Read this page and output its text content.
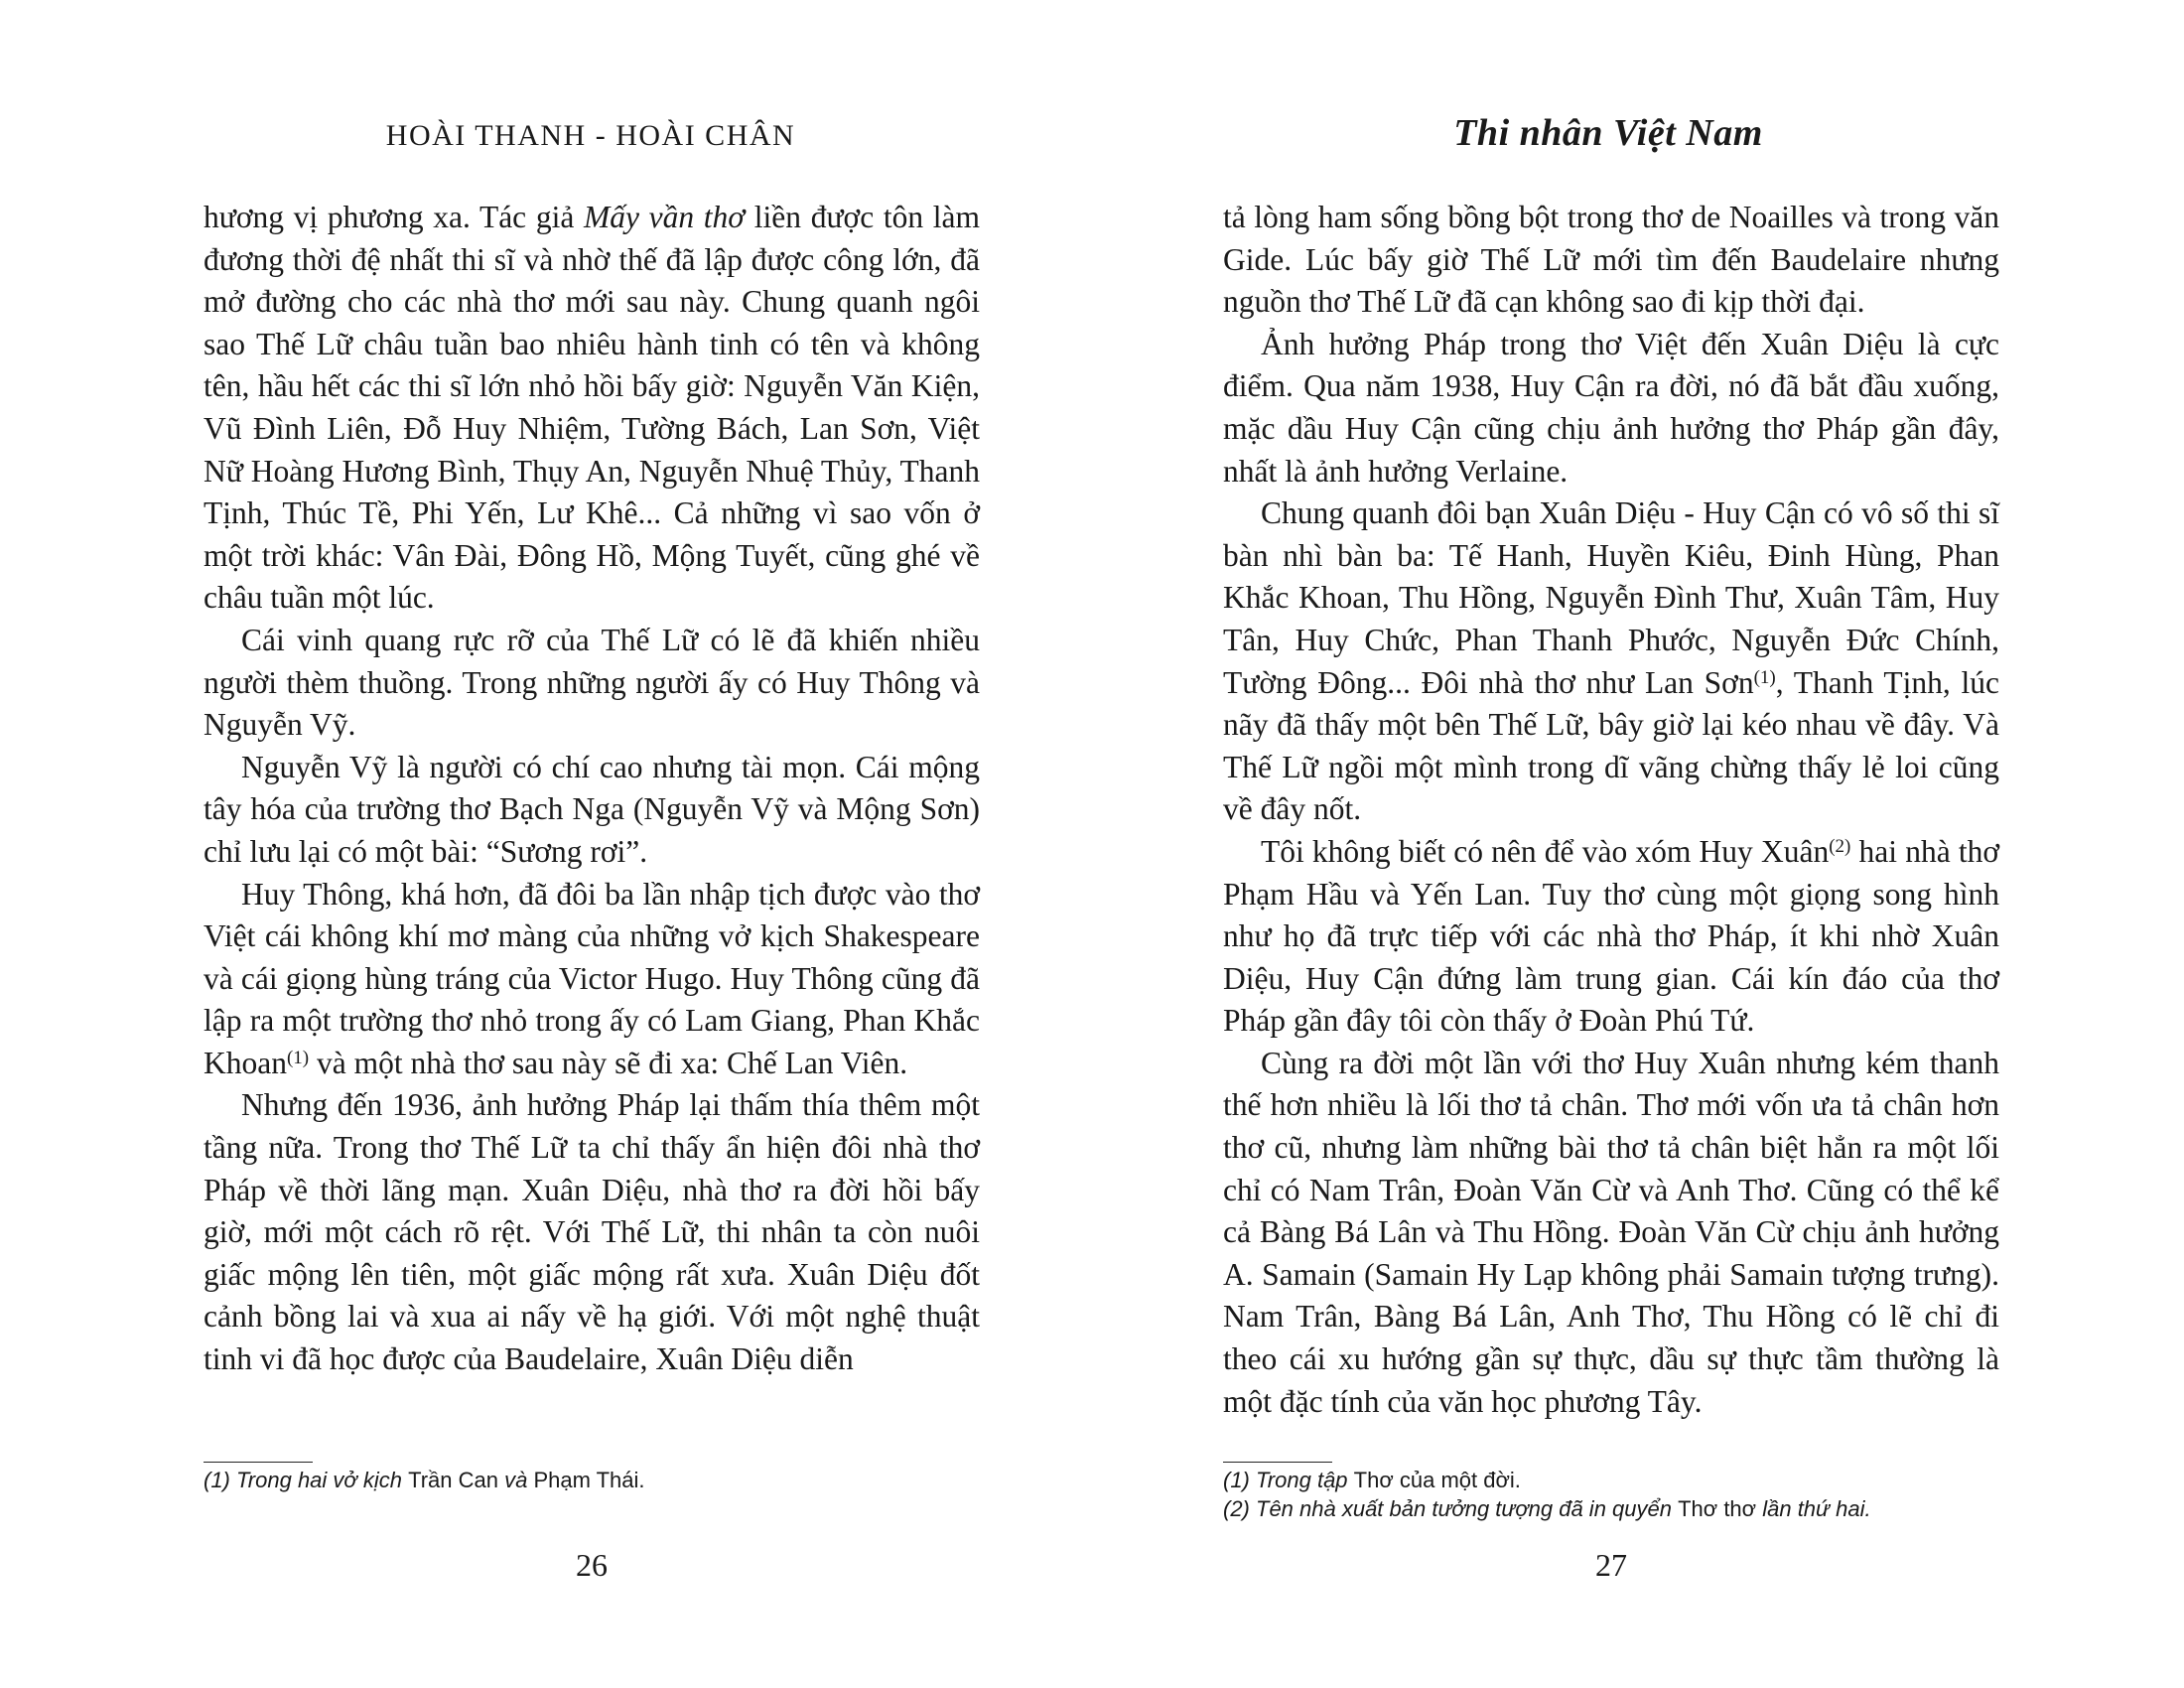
HOÀI THANH - HOÀI CHÂN

hương vị phương xa. Tác giả Mấy vần thơ liền được tôn làm đương thời đệ nhất thi sĩ và nhờ thế đã lập được công lớn, đã mở đường cho các nhà thơ mới sau này. Chung quanh ngôi sao Thế Lữ châu tuần bao nhiêu hành tinh có tên và không tên, hầu hết các thi sĩ lớn nhỏ hồi bấy giờ: Nguyễn Văn Kiện, Vũ Đình Liên, Đỗ Huy Nhiệm, Tường Bách, Lan Sơn, Việt Nữ Hoàng Hương Bình, Thụy An, Nguyễn Nhuệ Thủy, Thanh Tịnh, Thúc Tề, Phi Yến, Lư Khê... Cả những vì sao vốn ở một trời khác: Vân Đài, Đông Hồ, Mộng Tuyết, cũng ghé về châu tuần một lúc.

Cái vinh quang rực rỡ của Thế Lữ có lẽ đã khiến nhiều người thèm thuồng. Trong những người ấy có Huy Thông và Nguyễn Vỹ.

Nguyễn Vỹ là người có chí cao nhưng tài mọn. Cái mộng tây hóa của trường thơ Bạch Nga (Nguyễn Vỹ và Mộng Sơn) chỉ lưu lại có một bài: “Sương rơi”.

Huy Thông, khá hơn, đã đôi ba lần nhập tịch được vào thơ Việt cái không khí mơ màng của những vở kịch Shakespeare và cái giọng hùng tráng của Victor Hugo. Huy Thông cũng đã lập ra một trường thơ nhỏ trong ấy có Lam Giang, Phan Khắc Khoan$^{(1)}$ và một nhà thơ sau này sẽ đi xa: Chế Lan Viên.

Nhưng đến 1936, ảnh hưởng Pháp lại thấm thía thêm một tầng nữa. Trong thơ Thế Lữ ta chỉ thấy ẩn hiện đôi nhà thơ Pháp về thời lãng mạn. Xuân Diệu, nhà thơ ra đời hồi bấy giờ, mới một cách rõ rệt. Với Thế Lữ, thi nhân ta còn nuôi giấc mộng lên tiên, một giấc mộng rất xưa. Xuân Diệu đốt cảnh bồng lai và xua ai nấy về hạ giới. Với một nghệ thuật tinh vi đã học được của Baudelaire, Xuân Diệu diễn

(1) Trong hai vở kịch Trần Can và Phạm Thái.
26
Thi nhân Việt Nam

tả lòng ham sống bồng bột trong thơ de Noailles và trong văn Gide. Lúc bấy giờ Thế Lữ mới tìm đến Baudelaire nhưng nguồn thơ Thế Lữ đã cạn không sao đi kịp thời đại.

Ảnh hưởng Pháp trong thơ Việt đến Xuân Diệu là cực điểm. Qua năm 1938, Huy Cận ra đời, nó đã bắt đầu xuống, mặc dầu Huy Cận cũng chịu ảnh hưởng thơ Pháp gần đây, nhất là ảnh hưởng Verlaine.

Chung quanh đôi bạn Xuân Diệu - Huy Cận có vô số thi sĩ bàn nhì bàn ba: Tế Hanh, Huyền Kiêu, Đinh Hùng, Phan Khắc Khoan, Thu Hồng, Nguyễn Đình Thư, Xuân Tâm, Huy Tân, Huy Chức, Phan Thanh Phước, Nguyễn Đức Chính, Tường Đông... Đôi nhà thơ như Lan Sơn$^{(1)}$, Thanh Tịnh, lúc nãy đã thấy một bên Thế Lữ, bây giờ lại kéo nhau về đây. Và Thế Lữ ngồi một mình trong dĩ vãng chừng thấy lẻ loi cũng về đây nốt.

Tôi không biết có nên để vào xóm Huy Xuân$^{(2)}$ hai nhà thơ Phạm Hầu và Yến Lan. Tuy thơ cùng một giọng song hình như họ đã trực tiếp với các nhà thơ Pháp, ít khi nhờ Xuân Diệu, Huy Cận đứng làm trung gian. Cái kín đáo của thơ Pháp gần đây tôi còn thấy ở Đoàn Phú Tứ.

Cùng ra đời một lần với thơ Huy Xuân nhưng kém thanh thế hơn nhiều là lối thơ tả chân. Thơ mới vốn ưa tả chân hơn thơ cũ, nhưng làm những bài thơ tả chân biệt hẳn ra một lối chỉ có Nam Trân, Đoàn Văn Cừ và Anh Thơ. Cũng có thể kể cả Bàng Bá Lân và Thu Hồng. Đoàn Văn Cừ chịu ảnh hưởng A. Samain (Samain Hy Lạp không phải Samain tượng trưng). Nam Trân, Bàng Bá Lân, Anh Thơ, Thu Hồng có lẽ chỉ đi theo cái xu hướng gần sự thực, dầu sự thực tầm thường là một đặc tính của văn học phương Tây.

(1) Trong tập Thơ của một đời.
(2) Tên nhà xuất bản tưởng tượng đã in quyển Thơ thơ lần thứ hai.
27
